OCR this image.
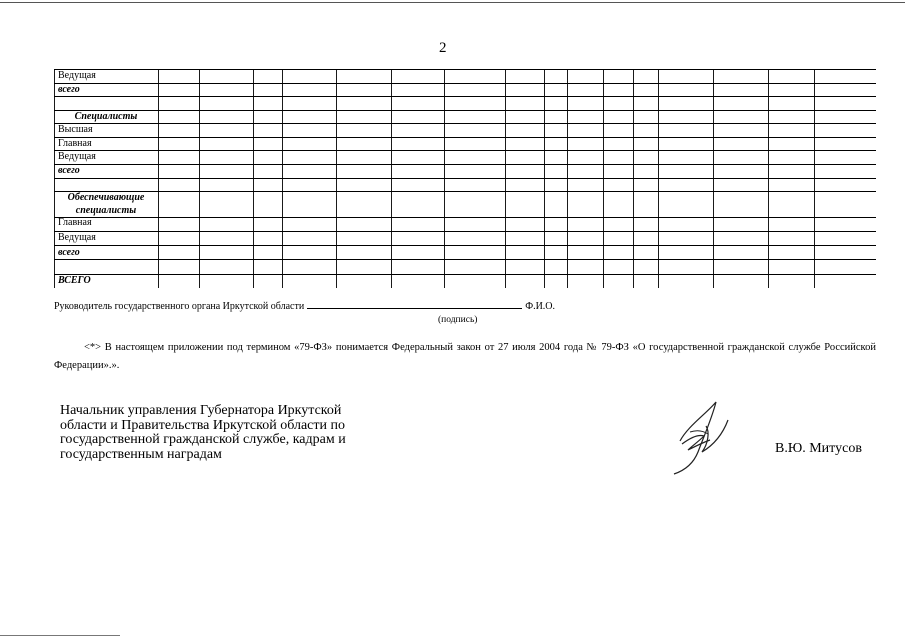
2
Ведущая
всего
Специалисты
Высшая
Главная
Ведущая
всего
Обеспечивающие
специалисты
Главная
Ведущая
всего
ВСЕГО
Руководитель государственного органа Иркутской области	Ф.И.О.
(подпись)
<*> В настоящем приложении под термином «79-ФЗ» понимается Федеральный закон от 27 июля 2004 года № 79-ФЗ «О государственной гражданской службе Российской Федерации».».
Начальник управления Губернатора Иркутской области и Правительства Иркутской области по государственной гражданской службе, кадрам и государственным наградам	В.Ю. Митусов
